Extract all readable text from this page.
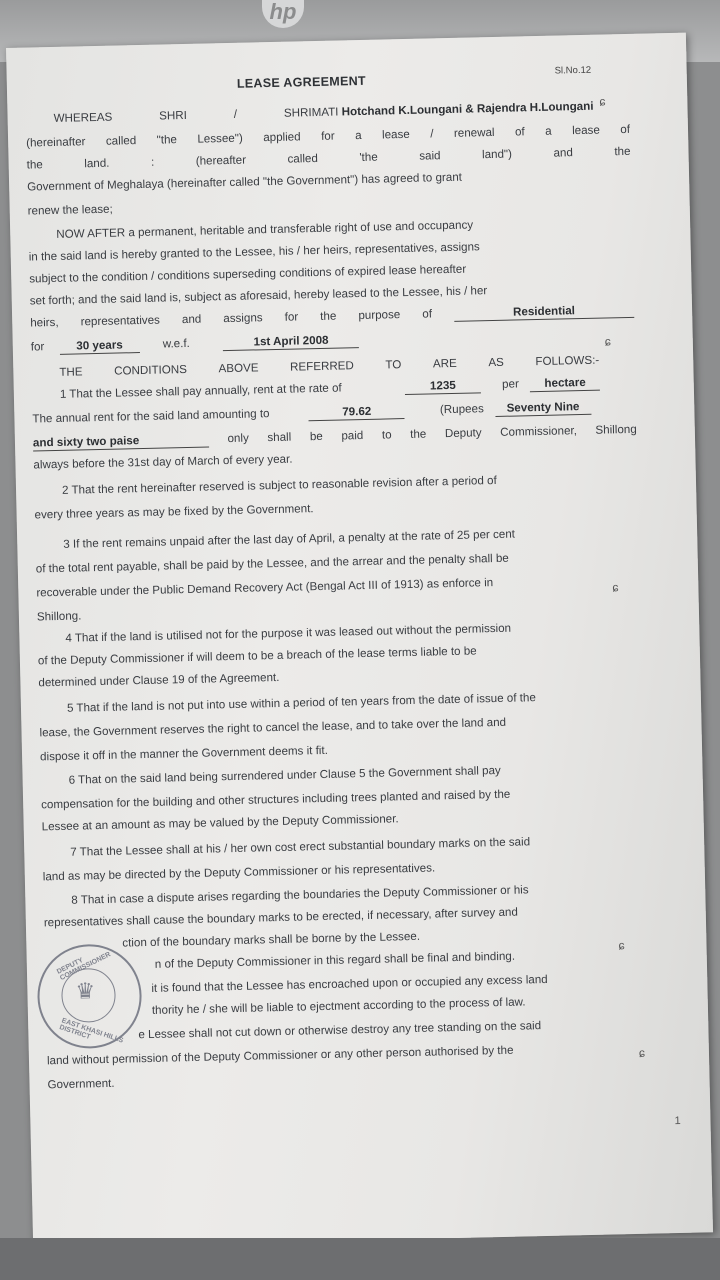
hp
Sl.No.12
LEASE AGREEMENT
ɕ
WHEREAS	SHRI	/	SHRIMATI Hotchand K.Loungani & Rajendra H.Loungani
(hereinafter called "the Lessee") applied for a lease / renewal of a lease of
the	land.	:	(hereafter	called	'the	said	land")	and	the
Government of Meghalaya (hereinafter called "the Government") has agreed to grant
renew the lease;
NOW AFTER a permanent, heritable and transferable right of use and occupancy
in the said land is hereby granted to the Lessee, his / her heirs, representatives, assigns
subject to the condition / conditions superseding conditions of expired lease hereafter
set forth; and the said land is, subject as aforesaid, hereby leased to the Lessee, his / her
heirs, representatives and assigns for the purpose of	Residential
for	30 years	w.e.f.	1st April 2008	ɕ
THE	CONDITIONS	ABOVE	REFERRED	TO	ARE	AS	FOLLOWS:-
1 That the Lessee shall pay annually, rent at the rate of	1235	per hectare
The annual rent for the said land amounting to	79.62	(Rupees Seventy Nine
and sixty two paise	only shall be paid to the Deputy Commissioner, Shillong
always before the 31st day of March of every year.
2 That the rent hereinafter reserved is subject to reasonable revision after a period of
every three years as may be fixed by the Government.
3 If the rent remains unpaid after the last day of April, a penalty at the rate of 25 per cent
of the total rent payable, shall be paid by the Lessee, and the arrear and the penalty shall be
recoverable under the Public Demand Recovery Act (Bengal Act III of 1913) as enforce in
Shillong.
ɕ
4 That if the land is utilised not for the purpose it was leased out without the permission
of the Deputy Commissioner if will deem to be a breach of the lease terms liable to be
determined under Clause 19 of the Agreement.
5 That if the land is not put into use within a period of ten years from the date of issue of the
lease, the Government reserves the right to cancel the lease, and to take over the land and
dispose it off in the manner the Government deems it fit.
6 That on the said land being surrendered under Clause 5 the Government shall pay
compensation for the building and other structures including trees planted and raised by the
Lessee at an amount as may be valued by the Deputy Commissioner.
7 That the Lessee shall at his / her own cost erect substantial boundary marks on the said
land as may be directed by the Deputy Commissioner or his representatives.
8 That in case a dispute arises regarding the boundaries the Deputy Commissioner or his
representatives shall cause the boundary marks to be erected, if necessary, after survey and
ction of the boundary marks shall be borne by the Lessee.
n of the Deputy Commissioner in this regard shall be final and binding.
ɕ
it is found that the Lessee has encroached upon or occupied any excess land
thority he / she will be liable to ejectment according to the process of law.
e Lessee shall not cut down or otherwise destroy any tree standing on the said
land without permission of the Deputy Commissioner or any other person authorised by the
Government.
ɕ
DEPUTY COMMISSIONER
♛
EAST KHASI HILLS DISTRICT
1
